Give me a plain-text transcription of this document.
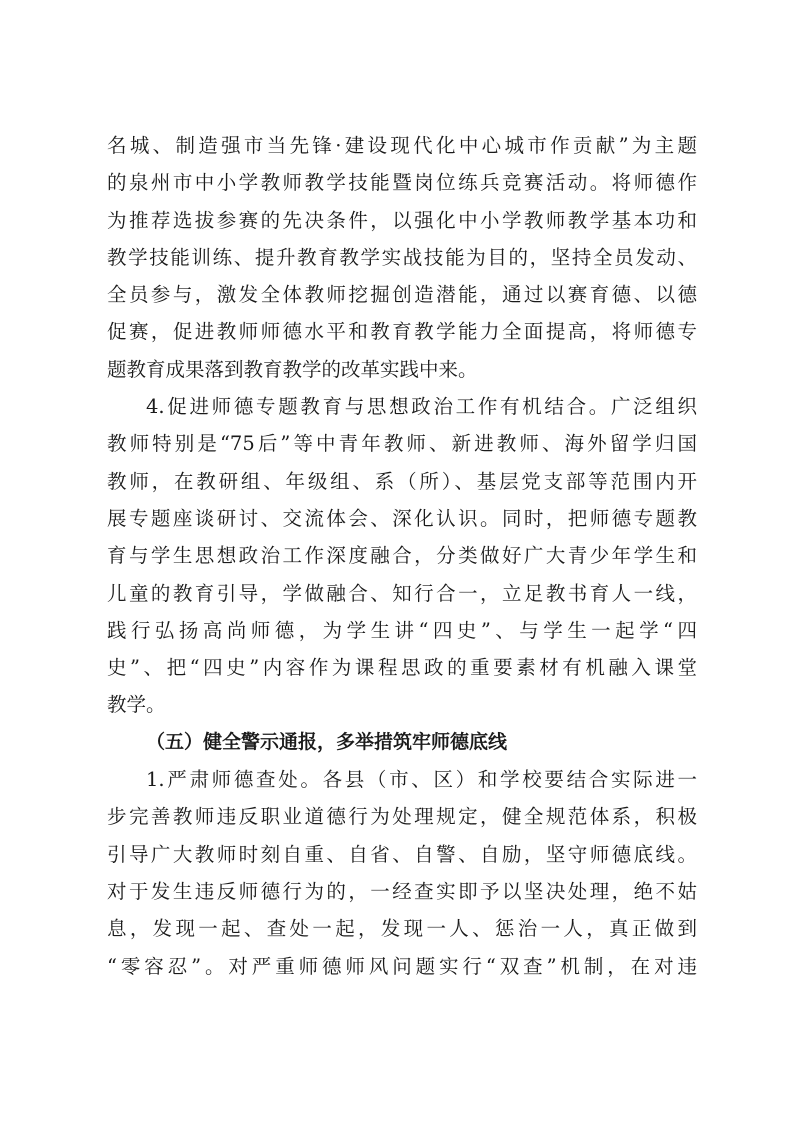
名城、制造强市当先锋·建设现代化中心城市作贡献”为主题
的泉州市中小学教师教学技能暨岗位练兵竞赛活动。将师德作
为推荐选拔参赛的先决条件，以强化中小学教师教学基本功和
教学技能训练、提升教育教学实战技能为目的，坚持全员发动、
全员参与，激发全体教师挖掘创造潜能，通过以赛育德、以德
促赛，促进教师师德水平和教育教学能力全面提高，将师德专
题教育成果落到教育教学的改革实践中来。
4.促进师德专题教育与思想政治工作有机结合。广泛组织
教师特别是“75后”等中青年教师、新进教师、海外留学归国
教师，在教研组、年级组、系（所）、基层党支部等范围内开
展专题座谈研讨、交流体会、深化认识。同时，把师德专题教
育与学生思想政治工作深度融合，分类做好广大青少年学生和
儿童的教育引导，学做融合、知行合一，立足教书育人一线，
践行弘扬高尚师德，为学生讲“四史”、与学生一起学“四
史”、把“四史”内容作为课程思政的重要素材有机融入课堂
教学。
（五）健全警示通报，多举措筑牢师德底线
1.严肃师德查处。各县（市、区）和学校要结合实际进一
步完善教师违反职业道德行为处理规定，健全规范体系，积极
引导广大教师时刻自重、自省、自警、自励，坚守师德底线。
对于发生违反师德行为的，一经查实即予以坚决处理，绝不姑
息，发现一起、查处一起，发现一人、惩治一人，真正做到
“零容忍”。对严重师德师风问题实行“双查”机制，在对违
